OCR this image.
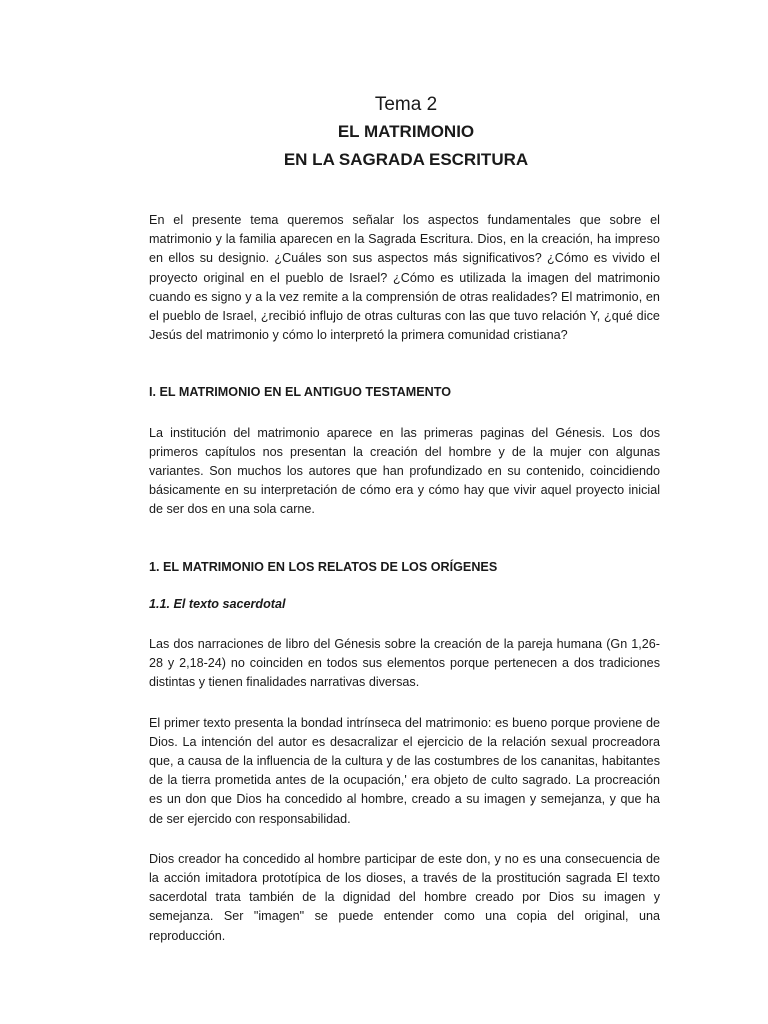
Tema 2

EL MATRIMONIO

EN LA SAGRADA ESCRITURA

En el presente tema queremos señalar los aspectos fundamentales que sobre el matrimonio y la familia aparecen en la Sagrada Escritura. Dios, en la creación, ha impreso en ellos su designio. ¿Cuáles son sus aspectos más significativos? ¿Cómo es vivido el proyecto original en el pueblo de Israel? ¿Cómo es utilizada la imagen del matrimonio cuando es signo y a la vez remite a la comprensión de otras realidades? El matrimonio, en el pueblo de Israel, ¿recibió influjo de otras culturas con las que tuvo relación Y, ¿qué dice Jesús del matrimonio y cómo lo interpretó la primera comunidad cristiana?

I. EL MATRIMONIO EN EL ANTIGUO TESTAMENTO

La institución del matrimonio aparece en las primeras paginas del Génesis. Los dos primeros capítulos nos presentan la creación del hombre y de la mujer con algunas variantes. Son muchos los autores que han profundizado en su contenido, coincidiendo básicamente en su interpretación de cómo era y cómo hay que vivir aquel proyecto inicial de ser dos en una sola carne.

1. EL MATRIMONIO EN LOS RELATOS DE LOS ORÍGENES
1.1. El texto sacerdotal

Las dos narraciones de libro del Génesis sobre la creación de la pareja humana (Gn 1,26-28 y 2,18-24) no coinciden en todos sus elementos porque pertenecen a dos tradiciones distintas y tienen finalidades narrativas diversas.

El primer texto presenta la bondad intrínseca del matrimonio: es bueno porque proviene de Dios. La intención del autor es desacralizar el ejercicio de la relación sexual procreadora que, a causa de la influencia de la cultura y de las costumbres de los cananitas, habitantes de la tierra prometida antes de la ocupación,' era objeto de culto sagrado. La procreación es un don que Dios ha concedido al hombre, creado a su imagen y semejanza, y que ha de ser ejercido con responsabilidad.

Dios creador ha concedido al hombre participar de este don, y no es una consecuencia de la acción imitadora prototípica de los dioses, a través de la prostitución sagrada El texto sacerdotal trata también de la dignidad del hombre creado por Dios su imagen y semejanza. Ser "imagen" se puede entender como una copia del original, una reproducción.
